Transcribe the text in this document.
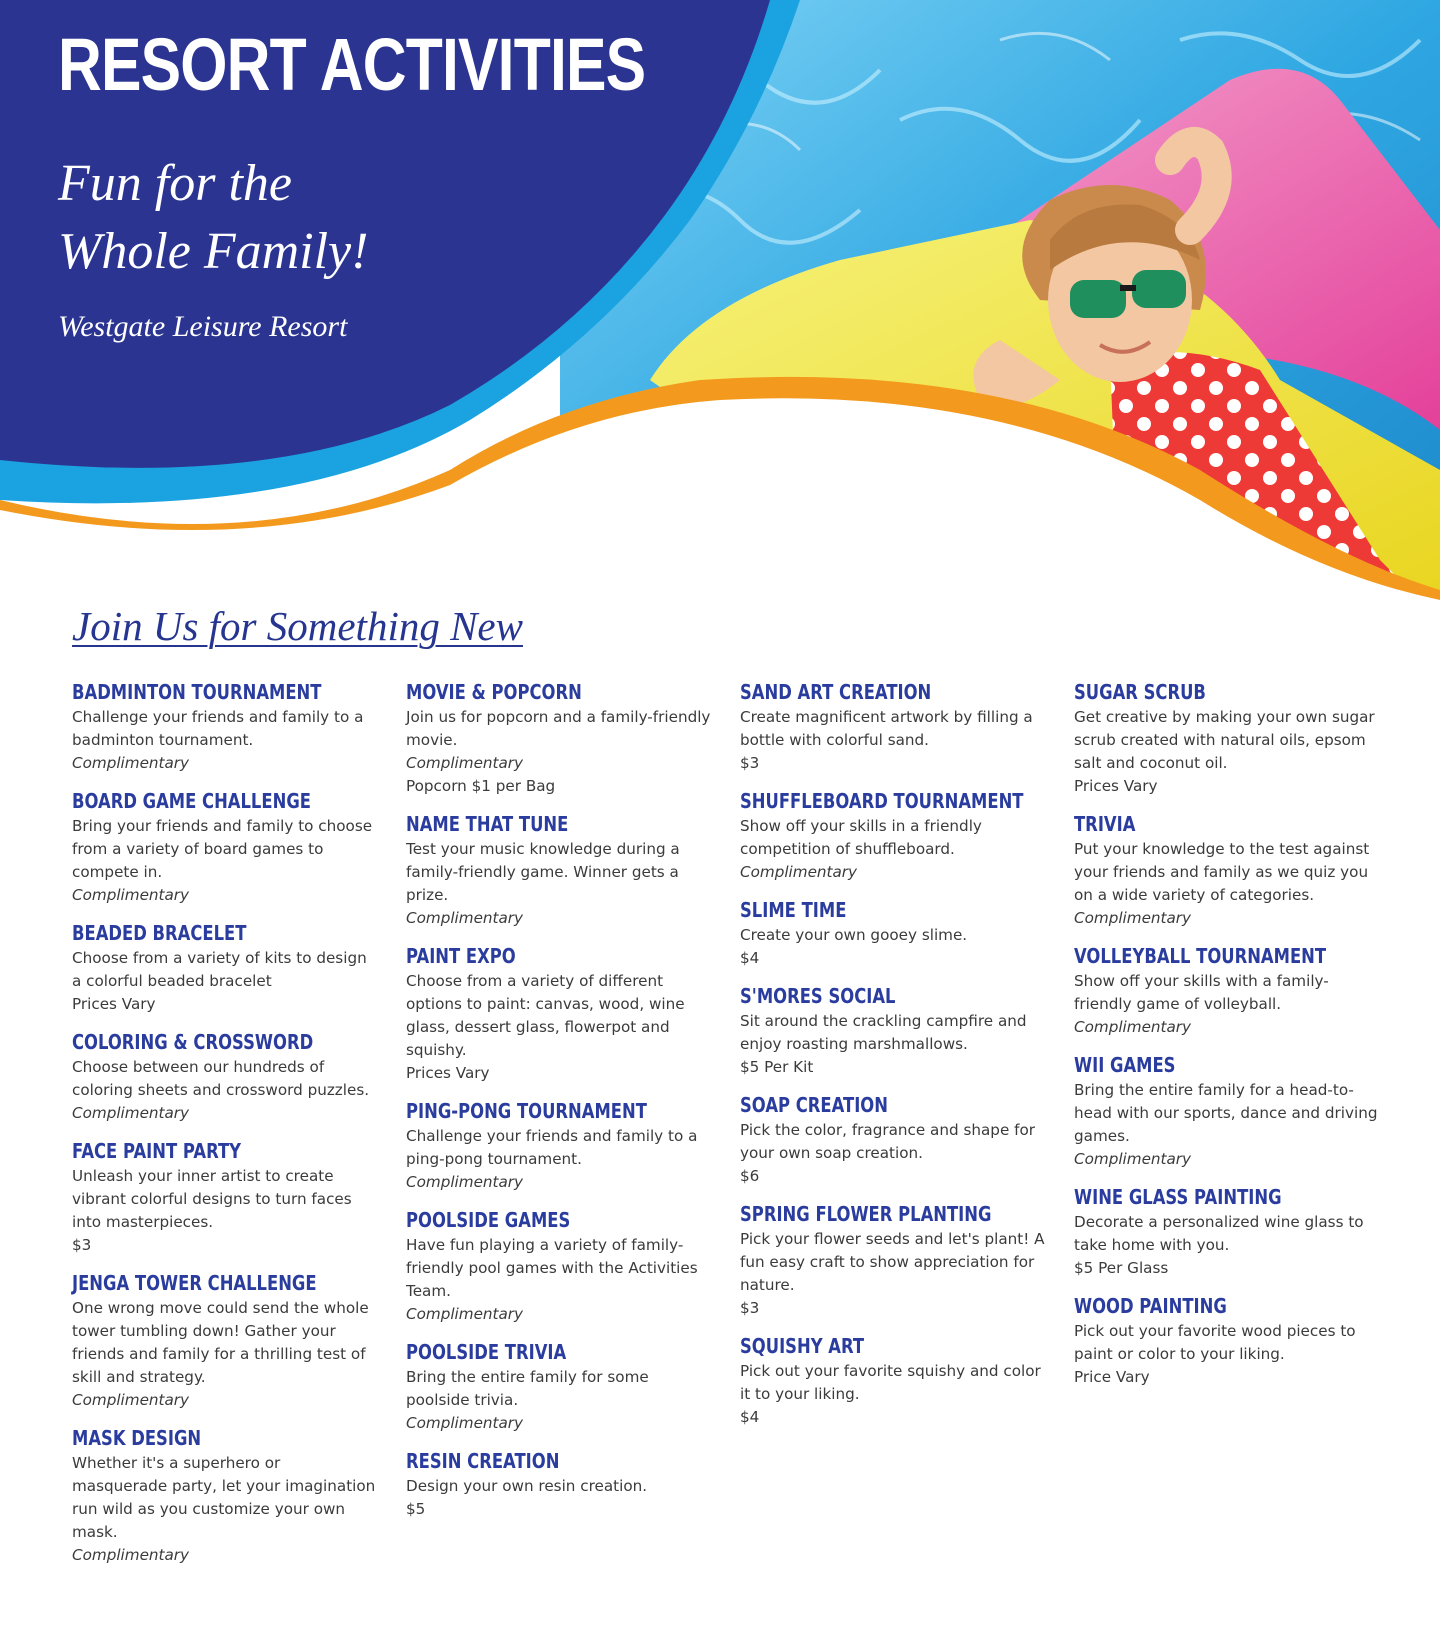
RESORT ACTIVITIES
Fun for the
Whole Family!
Westgate Leisure Resort
Join Us for Something New
BADMINTON TOURNAMENT
Challenge your friends and family to a badminton tournament.
Complimentary
BOARD GAME CHALLENGE
Bring your friends and family to choose from a variety of board games to compete in.
Complimentary
BEADED BRACELET
Choose from a variety of kits to design a colorful beaded bracelet
Prices Vary
COLORING & CROSSWORD
Choose between our hundreds of coloring sheets and crossword puzzles.
Complimentary
FACE PAINT PARTY
Unleash your inner artist to create vibrant colorful designs to turn faces into masterpieces.
$3
JENGA TOWER CHALLENGE
One wrong move could send the whole tower tumbling down! Gather your friends and family for a thrilling test of skill and strategy.
Complimentary
MASK DESIGN
Whether it's a superhero or masquerade party, let your imagination run wild as you customize your own mask.
Complimentary
MOVIE & POPCORN
Join us for popcorn and a family-friendly movie.
Complimentary
Popcorn $1 per Bag
NAME THAT TUNE
Test your music knowledge during a family-friendly game. Winner gets a prize.
Complimentary
PAINT EXPO
Choose from a variety of different options to paint: canvas, wood, wine glass, dessert glass, flowerpot and squishy.
Prices Vary
PING-PONG TOURNAMENT
Challenge your friends and family to a ping-pong tournament.
Complimentary
POOLSIDE GAMES
Have fun playing a variety of family-friendly pool games with the Activities Team.
Complimentary
POOLSIDE TRIVIA
Bring the entire family for some poolside trivia.
Complimentary
RESIN CREATION
Design your own resin creation.
$5
SAND ART CREATION
Create magnificent artwork by filling a bottle with colorful sand.
$3
SHUFFLEBOARD TOURNAMENT
Show off your skills in a friendly competition of shuffleboard.
Complimentary
SLIME TIME
Create your own gooey slime.
$4
S'MORES SOCIAL
Sit around the crackling campfire and enjoy roasting marshmallows.
$5 Per Kit
SOAP CREATION
Pick the color, fragrance and shape for your own soap creation.
$6
SPRING FLOWER PLANTING
Pick your flower seeds and let's plant! A fun easy craft to show appreciation for nature.
$3
SQUISHY ART
Pick out your favorite squishy and color it to your liking.
$4
SUGAR SCRUB
Get creative by making your own sugar scrub created with natural oils, epsom salt and coconut oil.
Prices Vary
TRIVIA
Put your knowledge to the test against your friends and family as we quiz you on a wide variety of categories.
Complimentary
VOLLEYBALL TOURNAMENT
Show off your skills with a family-friendly game of volleyball.
Complimentary
WII GAMES
Bring the entire family for a head-to-head with our sports, dance and driving games.
Complimentary
WINE GLASS PAINTING
Decorate a personalized wine glass to take home with you.
$5 Per Glass
WOOD PAINTING
Pick out your favorite wood pieces to paint or color to your liking.
Price Vary
